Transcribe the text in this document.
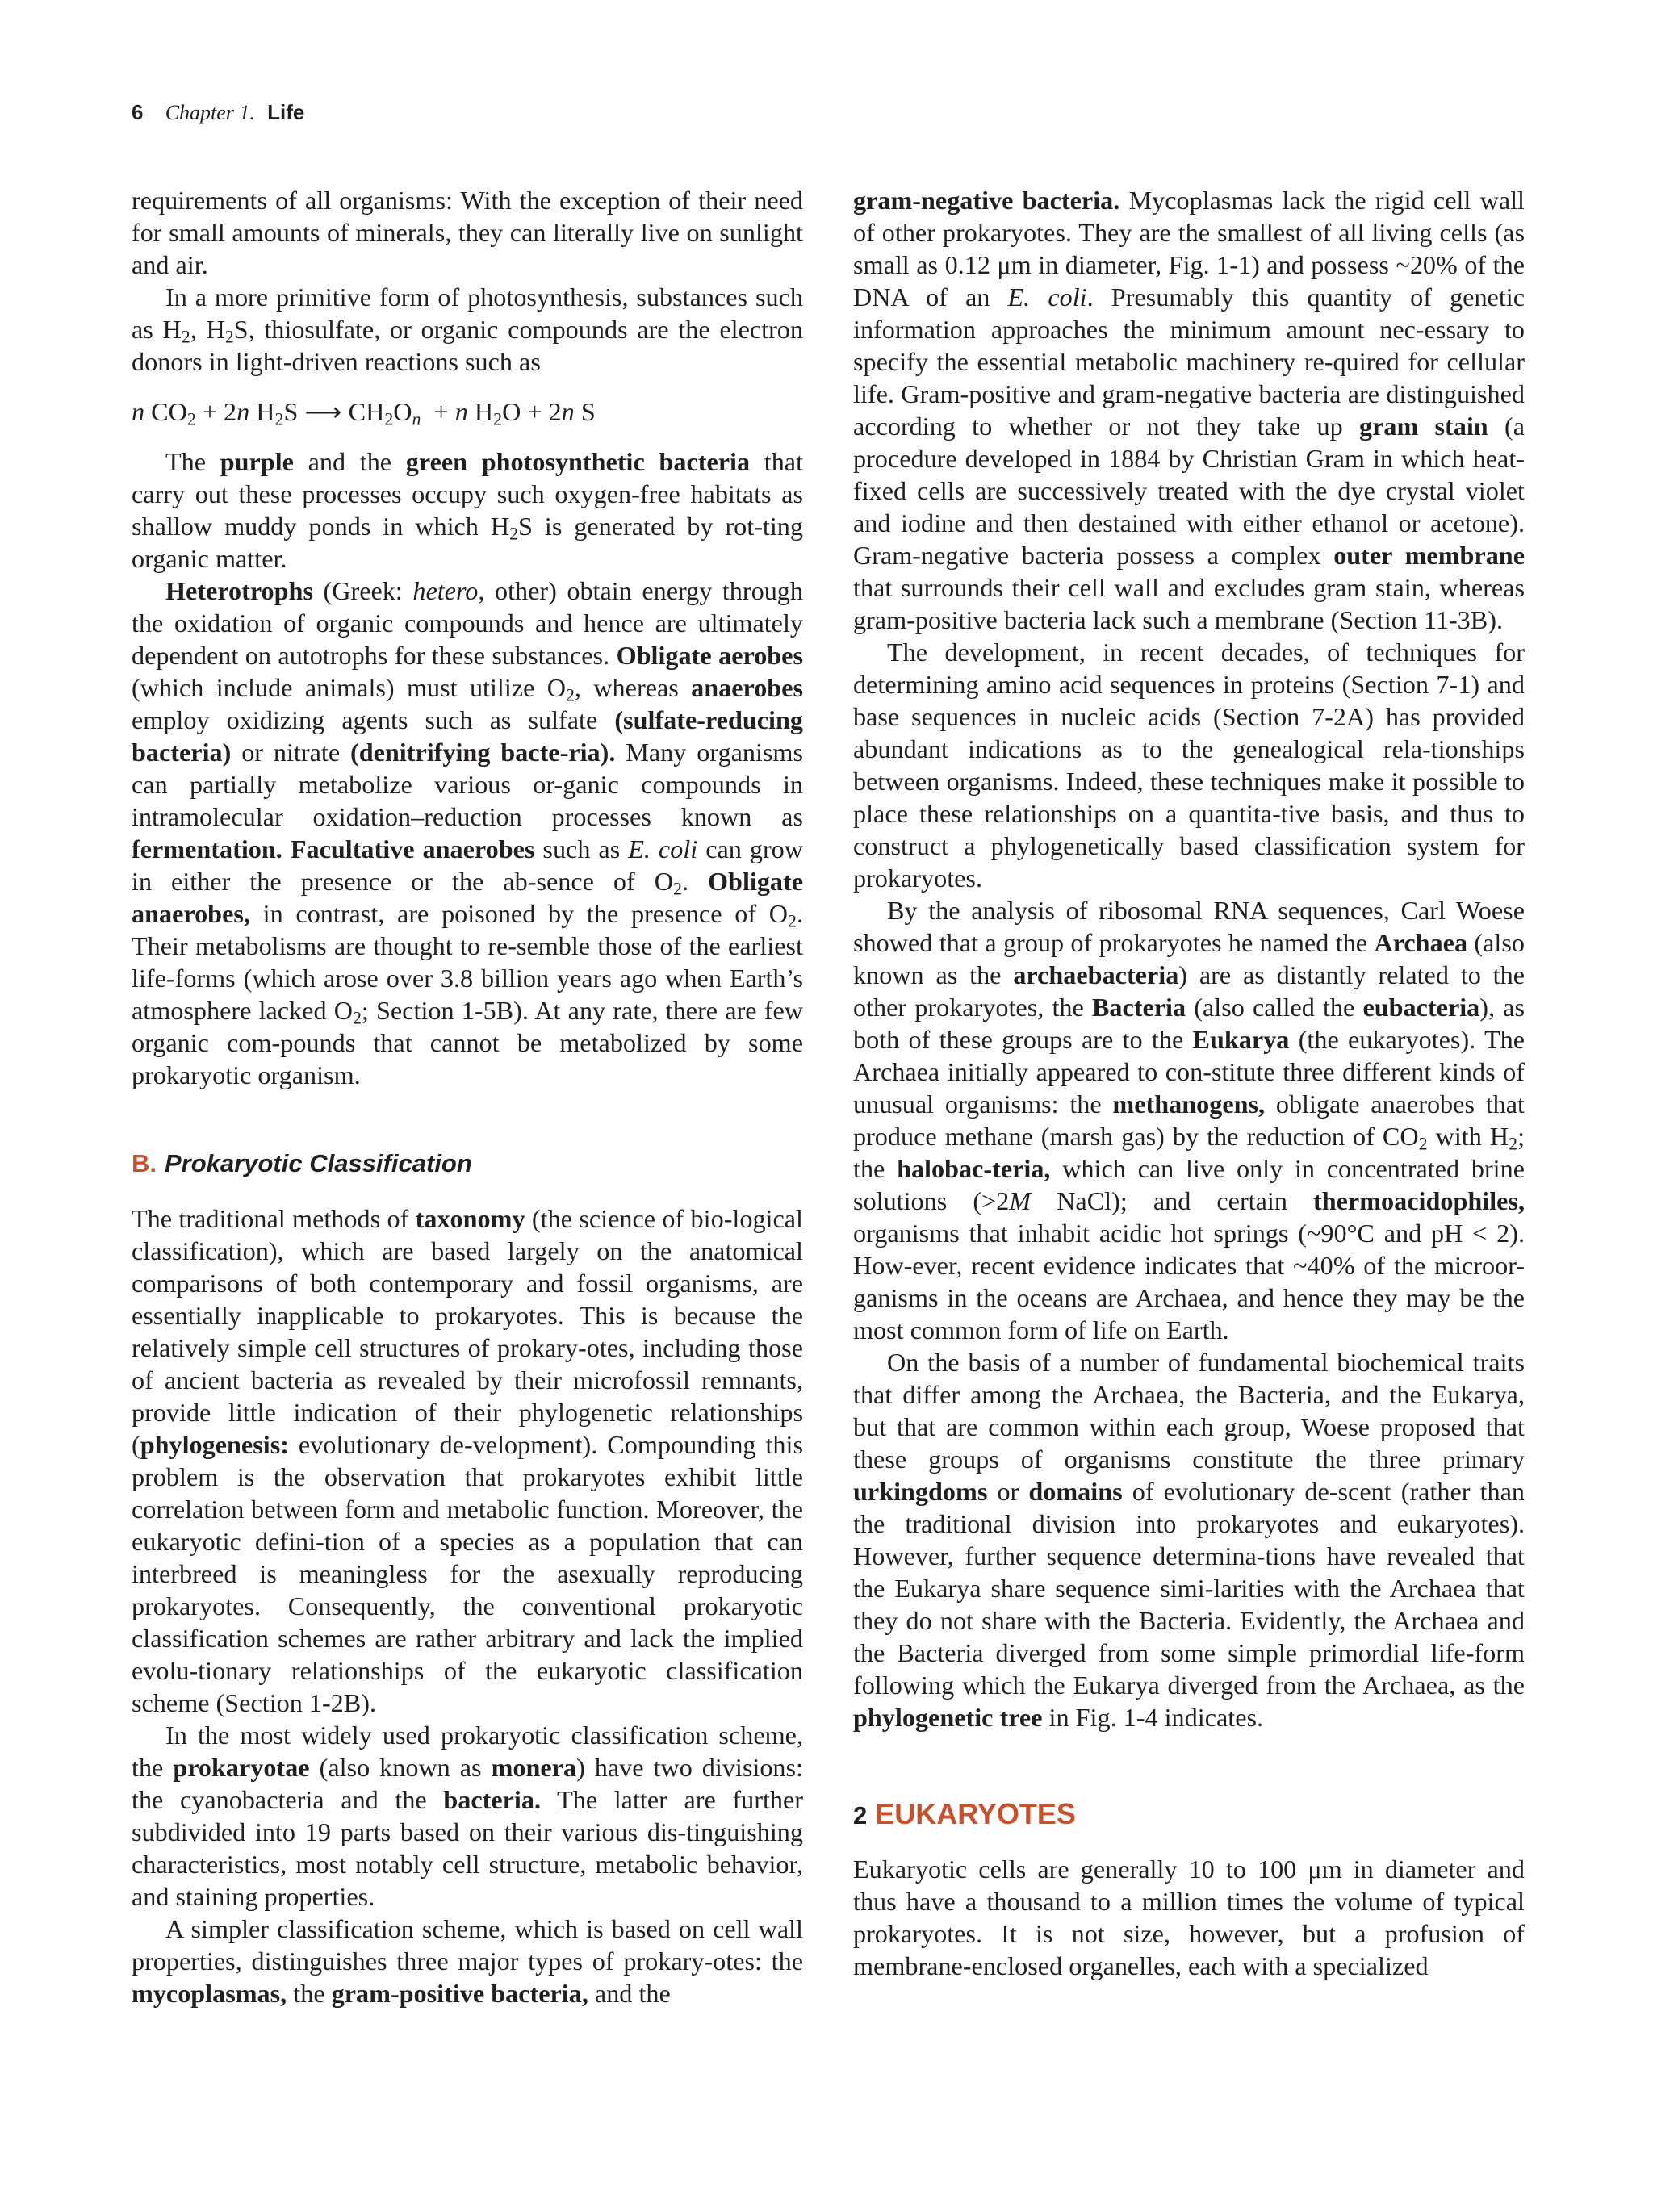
6 Chapter 1. Life

requirements of all organisms: With the exception of their need for small amounts of minerals, they can literally live on sunlight and air.

In a more primitive form of photosynthesis, substances such as $H_2$, $H_2S$, thiosulfate, or organic compounds are the electron donors in light-driven reactions such as

n $CO_2 + 2n$ $H_2S$ ⟶ $CH_2O_n + n$ $H_2O + 2n$ S

The purple and the green photosynthetic bacteria that carry out these processes occupy such oxygen-free habitats as shallow muddy ponds in which $H_2S$ is generated by rot-ting organic matter.

Heterotrophs (Greek: hetero, other) obtain energy through the oxidation of organic compounds and hence are ultimately dependent on autotrophs for these substances. Obligate aerobes (which include animals) must utilize $O_2$, whereas anaerobes employ oxidizing agents such as sulfate (sulfate-reducing bacteria) or nitrate (denitrifying bacte-ria). Many organisms can partially metabolize various or-ganic compounds in intramolecular oxidation–reduction processes known as fermentation. Facultative anaerobes such as E. coli can grow in either the presence or the ab-sence of $O_2$. Obligate anaerobes, in contrast, are poisoned by the presence of $O_2$. Their metabolisms are thought to re-semble those of the earliest life-forms (which arose over 3.8 billion years ago when Earth’s atmosphere lacked $O_2$; Section 1-5B). At any rate, there are few organic com-pounds that cannot be metabolized by some prokaryotic organism.

B. Prokaryotic Classification

The traditional methods of taxonomy (the science of bio-logical classification), which are based largely on the anatomical comparisons of both contemporary and fossil organisms, are essentially inapplicable to prokaryotes. This is because the relatively simple cell structures of prokary-otes, including those of ancient bacteria as revealed by their microfossil remnants, provide little indication of their phylogenetic relationships (phylogenesis: evolutionary de-velopment). Compounding this problem is the observation that prokaryotes exhibit little correlation between form and metabolic function. Moreover, the eukaryotic defini-tion of a species as a population that can interbreed is meaningless for the asexually reproducing prokaryotes. Consequently, the conventional prokaryotic classification schemes are rather arbitrary and lack the implied evolu-tionary relationships of the eukaryotic classification scheme (Section 1-2B).

In the most widely used prokaryotic classification scheme, the prokaryotae (also known as monera) have two divisions: the cyanobacteria and the bacteria. The latter are further subdivided into 19 parts based on their various dis-tinguishing characteristics, most notably cell structure, metabolic behavior, and staining properties.

A simpler classification scheme, which is based on cell wall properties, distinguishes three major types of prokary-otes: the mycoplasmas, the gram-positive bacteria, and the

gram-negative bacteria. Mycoplasmas lack the rigid cell wall of other prokaryotes. They are the smallest of all living cells (as small as 0.12 μm in diameter, Fig. 1-1) and possess ~20% of the DNA of an E. coli. Presumably this quantity of genetic information approaches the minimum amount nec-essary to specify the essential metabolic machinery re-quired for cellular life. Gram-positive and gram-negative bacteria are distinguished according to whether or not they take up gram stain (a procedure developed in 1884 by Christian Gram in which heat-fixed cells are successively treated with the dye crystal violet and iodine and then destained with either ethanol or acetone). Gram-negative bacteria possess a complex outer membrane that surrounds their cell wall and excludes gram stain, whereas gram-positive bacteria lack such a membrane (Section 11-3B).

The development, in recent decades, of techniques for determining amino acid sequences in proteins (Section 7-1) and base sequences in nucleic acids (Section 7-2A) has provided abundant indications as to the genealogical rela-tionships between organisms. Indeed, these techniques make it possible to place these relationships on a quantita-tive basis, and thus to construct a phylogenetically based classification system for prokaryotes.

By the analysis of ribosomal RNA sequences, Carl Woese showed that a group of prokaryotes he named the Archaea (also known as the archaebacteria) are as distantly related to the other prokaryotes, the Bacteria (also called the eubacteria), as both of these groups are to the Eukarya (the eukaryotes). The Archaea initially appeared to con-stitute three different kinds of unusual organisms: the methanogens, obligate anaerobes that produce methane (marsh gas) by the reduction of $CO_2$ with $H_2$; the halobac-teria, which can live only in concentrated brine solutions (>2M NaCl); and certain thermoacidophiles, organisms that inhabit acidic hot springs (~90°C and pH < 2). How-ever, recent evidence indicates that ~40% of the microor-ganisms in the oceans are Archaea, and hence they may be the most common form of life on Earth.

On the basis of a number of fundamental biochemical traits that differ among the Archaea, the Bacteria, and the Eukarya, but that are common within each group, Woese proposed that these groups of organisms constitute the three primary urkingdoms or domains of evolutionary de-scent (rather than the traditional division into prokaryotes and eukaryotes). However, further sequence determina-tions have revealed that the Eukarya share sequence simi-larities with the Archaea that they do not share with the Bacteria. Evidently, the Archaea and the Bacteria diverged from some simple primordial life-form following which the Eukarya diverged from the Archaea, as the phylogenetic tree in Fig. 1-4 indicates.

2 EUKARYOTES

Eukaryotic cells are generally 10 to 100 μm in diameter and thus have a thousand to a million times the volume of typical prokaryotes. It is not size, however, but a profusion of membrane-enclosed organelles, each with a specialized
